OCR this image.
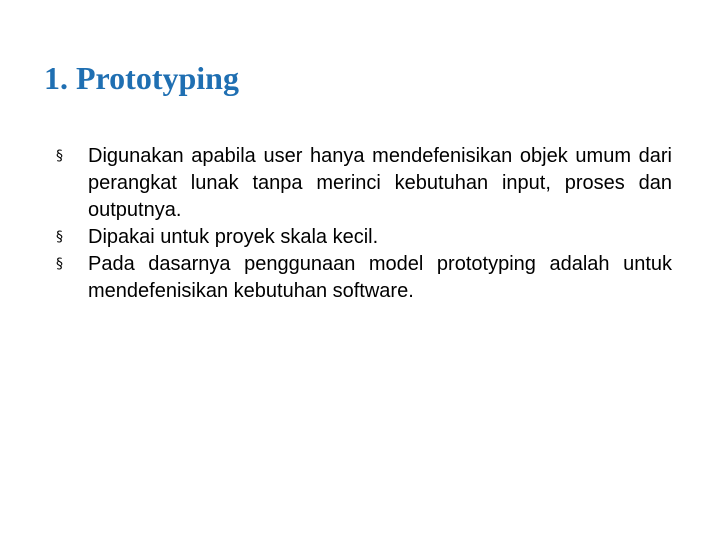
1. Prototyping
§ Digunakan apabila user hanya mendefenisikan objek umum dari perangkat lunak tanpa merinci kebutuhan input, proses dan outputnya.
§ Dipakai untuk proyek skala kecil.
§ Pada dasarnya penggunaan model prototyping adalah untuk mendefenisikan kebutuhan software.
